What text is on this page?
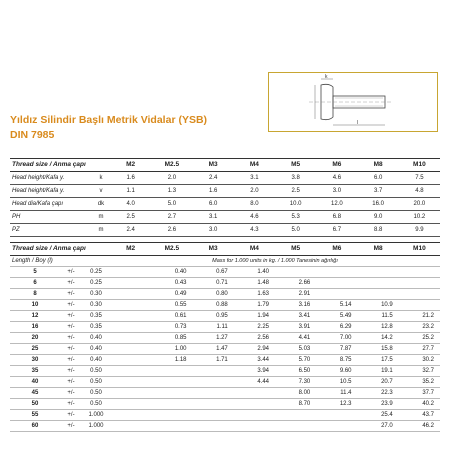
k
l
Yıldız Silindir Başlı Metrik Vidalar (YSB)
DIN 7985
Thread size / Anma çapı		M2	M2.5	M3	M4	M5	M6	M8	M10
Head height/Kafa y.	k	1.6	2.0	2.4	3.1	3.8	4.6	6.0	7.5
Head height/Kafa y.	v	1.1	1.3	1.6	2.0	2.5	3.0	3.7	4.8
Head dia/Kafa çapı	dk	4.0	5.0	6.0	8.0	10.0	12.0	16.0	20.0
PH	m	2.5	2.7	3.1	4.6	5.3	6.8	9.0	10.2
PZ	m	2.4	2.6	3.0	4.3	5.0	6.7	8.8	9.9
Thread size / Anma çapı			M2	M2.5	M3	M4	M5	M6	M8	M10
Length / Boy (l)			Mass for 1.000 units in kg. / 1.000 Tanesinin ağırlığı							
5	+/-	0.25		0.40	0.67	1.40				
6	+/-	0.25		0.43	0.71	1.48	2.66			
8	+/-	0.30		0.49	0.80	1.63	2.91			
10	+/-	0.30		0.55	0.88	1.79	3.16	5.14	10.9	
12	+/-	0.35		0.61	0.95	1.94	3.41	5.49	11.5	21.2
16	+/-	0.35		0.73	1.11	2.25	3.91	6.29	12.8	23.2
20	+/-	0.40		0.85	1.27	2.56	4.41	7.00	14.2	25.2
25	+/-	0.40		1.00	1.47	2.94	5.03	7.87	15.8	27.7
30	+/-	0.40		1.18	1.71	3.44	5.70	8.75	17.5	30.2
35	+/-	0.50				3.94	6.50	9.60	19.1	32.7
40	+/-	0.50				4.44	7.30	10.5	20.7	35.2
45	+/-	0.50					8.00	11.4	22.3	37.7
50	+/-	0.50					8.70	12.3	23.9	40.2
55	+/-	1.000							25.4	43.7
60	+/-	1.000							27.0	46.2
